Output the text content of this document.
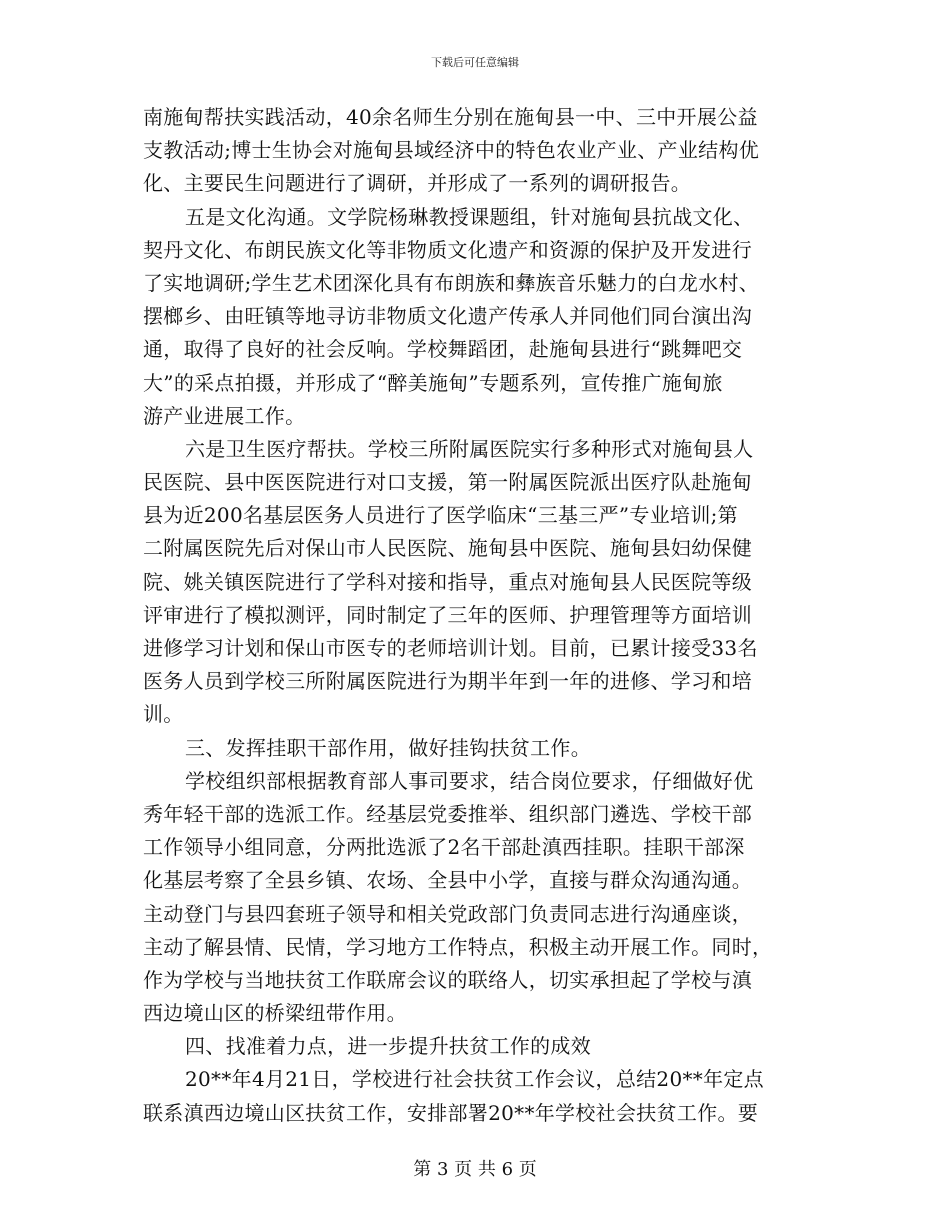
下载后可任意编辑
南施甸帮扶实践活动，40余名师生分别在施甸县一中、三中开展公益
支教活动;博士生协会对施甸县域经济中的特色农业产业、产业结构优
化、主要民生问题进行了调研，并形成了一系列的调研报告。
五是文化沟通。文学院杨琳教授课题组，针对施甸县抗战文化、
契丹文化、布朗民族文化等非物质文化遗产和资源的保护及开发进行
了实地调研;学生艺术团深化具有布朗族和彝族音乐魅力的白龙水村、
摆榔乡、由旺镇等地寻访非物质文化遗产传承人并同他们同台演出沟
通，取得了良好的社会反响。学校舞蹈团，赴施甸县进行“跳舞吧交
大”的采点拍摄，并形成了“醉美施甸”专题系列，宣传推广施甸旅
游产业进展工作。
六是卫生医疗帮扶。学校三所附属医院实行多种形式对施甸县人
民医院、县中医医院进行对口支援，第一附属医院派出医疗队赴施甸
县为近200名基层医务人员进行了医学临床“三基三严”专业培训;第
二附属医院先后对保山市人民医院、施甸县中医院、施甸县妇幼保健
院、姚关镇医院进行了学科对接和指导，重点对施甸县人民医院等级
评审进行了模拟测评，同时制定了三年的医师、护理管理等方面培训
进修学习计划和保山市医专的老师培训计划。目前，已累计接受33名
医务人员到学校三所附属医院进行为期半年到一年的进修、学习和培
训。
三、发挥挂职干部作用，做好挂钩扶贫工作。
学校组织部根据教育部人事司要求，结合岗位要求，仔细做好优
秀年轻干部的选派工作。经基层党委推举、组织部门遴选、学校干部
工作领导小组同意，分两批选派了2名干部赴滇西挂职。挂职干部深
化基层考察了全县乡镇、农场、全县中小学，直接与群众沟通沟通。
主动登门与县四套班子领导和相关党政部门负责同志进行沟通座谈，
主动了解县情、民情，学习地方工作特点，积极主动开展工作。同时，
作为学校与当地扶贫工作联席会议的联络人，切实承担起了学校与滇
西边境山区的桥梁纽带作用。
四、找准着力点，进一步提升扶贫工作的成效
20**年4月21日，学校进行社会扶贫工作会议，总结20**年定点
联系滇西边境山区扶贫工作，安排部署20**年学校社会扶贫工作。要
第 3 页 共 6 页
